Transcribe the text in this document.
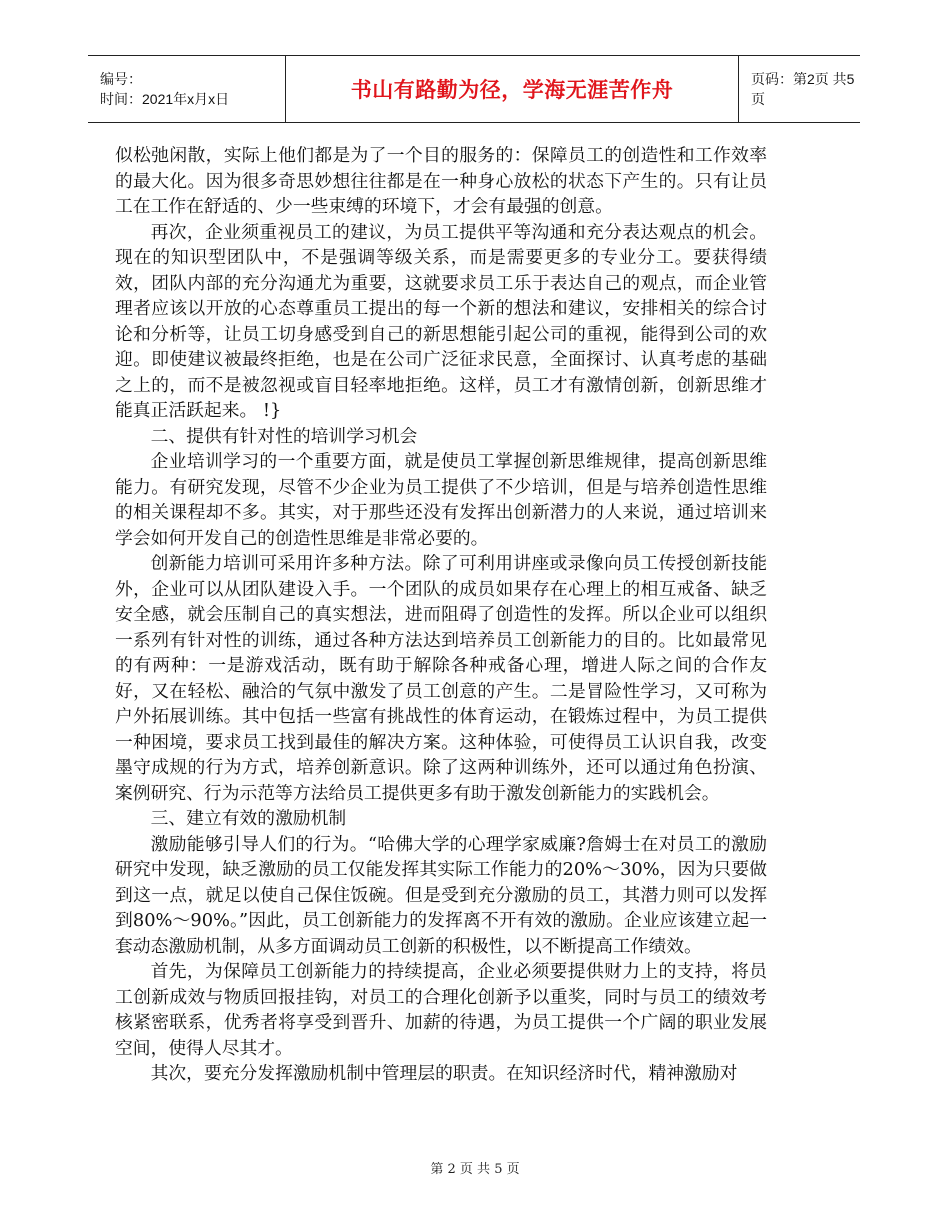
编号：
时间：2021年x月x日	书山有路勤为径，学海无涯苦作舟	页码：第2页 共5页

似松弛闲散，实际上他们都是为了一个目的服务的：保障员工的创造性和工作效率的最大化。因为很多奇思妙想往往都是在一种身心放松的状态下产生的。只有让员工在工作在舒适的、少一些束缚的环境下，才会有最强的创意。

再次，企业须重视员工的建议，为员工提供平等沟通和充分表达观点的机会。现在的知识型团队中，不是强调等级关系，而是需要更多的专业分工。要获得绩效，团队内部的充分沟通尤为重要，这就要求员工乐于表达自己的观点，而企业管理者应该以开放的心态尊重员工提出的每一个新的想法和建议，安排相关的综合讨论和分析等，让员工切身感受到自己的新思想能引起公司的重视，能得到公司的欢迎。即使建议被最终拒绝，也是在公司广泛征求民意，全面探讨、认真考虑的基础之上的，而不是被忽视或盲目轻率地拒绝。这样，员工才有激情创新，创新思维才能真正活跃起来。 !}

二、提供有针对性的培训学习机会

企业培训学习的一个重要方面，就是使员工掌握创新思维规律，提高创新思维能力。有研究发现，尽管不少企业为员工提供了不少培训，但是与培养创造性思维的相关课程却不多。其实，对于那些还没有发挥出创新潜力的人来说，通过培训来学会如何开发自己的创造性思维是非常必要的。

创新能力培训可采用许多种方法。除了可利用讲座或录像向员工传授创新技能外，企业可以从团队建设入手。一个团队的成员如果存在心理上的相互戒备、缺乏安全感，就会压制自己的真实想法，进而阻碍了创造性的发挥。所以企业可以组织一系列有针对性的训练，通过各种方法达到培养员工创新能力的目的。比如最常见的有两种：一是游戏活动，既有助于解除各种戒备心理，增进人际之间的合作友好，又在轻松、融洽的气氛中激发了员工创意的产生。二是冒险性学习，又可称为户外拓展训练。其中包括一些富有挑战性的体育运动，在锻炼过程中，为员工提供一种困境，要求员工找到最佳的解决方案。这种体验，可使得员工认识自我，改变墨守成规的行为方式，培养创新意识。除了这两种训练外，还可以通过角色扮演、案例研究、行为示范等方法给员工提供更多有助于激发创新能力的实践机会。

三、建立有效的激励机制

激励能够引导人们的行为。“哈佛大学的心理学家威廉?詹姆士在对员工的激励研究中发现，缺乏激励的员工仅能发挥其实际工作能力的20%～30%，因为只要做到这一点，就足以使自己保住饭碗。但是受到充分激励的员工，其潜力则可以发挥到80%～90%。”因此，员工创新能力的发挥离不开有效的激励。企业应该建立起一套动态激励机制，从多方面调动员工创新的积极性，以不断提高工作绩效。

首先，为保障员工创新能力的持续提高，企业必须要提供财力上的支持，将员工创新成效与物质回报挂钩，对员工的合理化创新予以重奖，同时与员工的绩效考核紧密联系，优秀者将享受到晋升、加薪的待遇，为员工提供一个广阔的职业发展空间，使得人尽其才。

其次，要充分发挥激励机制中管理层的职责。在知识经济时代，精神激励对

第 2 页 共 5 页
